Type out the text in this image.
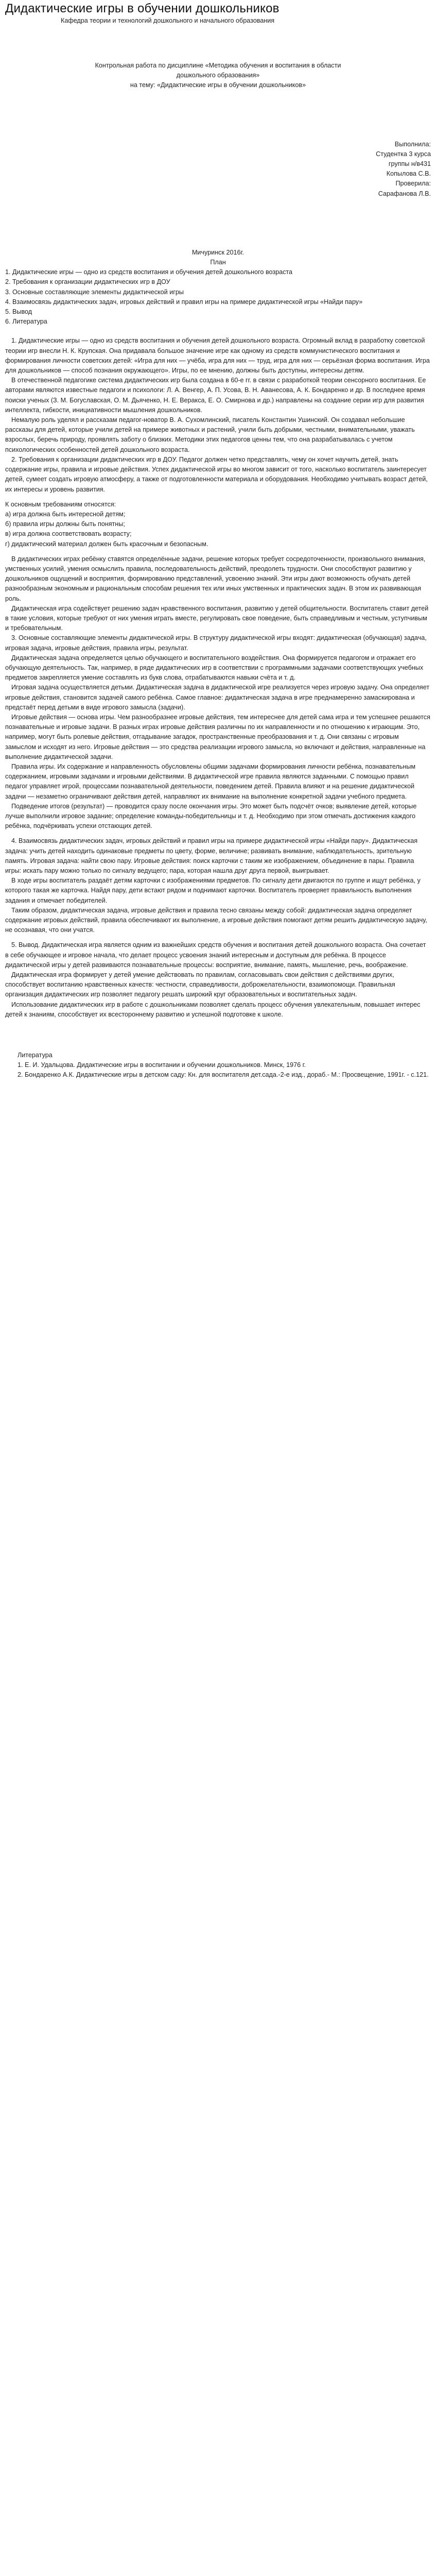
Дидактические игры в обучении дошкольников

Кафедра теории и технологий дошкольного и начального образования

Контрольная работа по дисциплине «Методика обучения и воспитания в области

дошкольного образования»

на тему: «Дидактические игры в обучении дошкольников»

Выполнила:

Студентка 3 курса

группы н/в431

Копылова С.В.

Проверила:

Сарафанова Л.В.

Мичуринск 2016г.

План

1. Дидактические игры — одно из средств воспитания и обучения детей дошкольного возраста
2. Требования к организации дидактических игр в ДОУ
3. Основные составляющие элементы дидактической игры
4. Взаимосвязь дидактических задач, игровых действий и правил игры на примере дидактической игры «Найди пару»
5. Вывод
6. Литература

1. Дидактические игры — одно из средств воспитания и обучения детей дошкольного возраста. Огромный вклад в разработку советской теории игр внесли Н. К. Крупская. Она придавала большое значение игре как одному из средств коммунистического воспитания и формирования личности советских детей: «Игра для них — учёба, игра для них — труд, игра для них — серьёзная форма воспитания. Игра для дошкольников — способ познания окружающего». Игры, по ее мнению, должны быть доступны, интересны детям.

В отечественной педагогике система дидактических игр была создана в 60-е гг. в связи с разработкой теории сенсорного воспитания. Ее авторами являются известные педагоги и психологи: Л. А. Венгер, А. П. Усова, В. Н. Аванесова, А. К. Бондаренко и др. В последнее время поиски ученых (З. М. Богуславская, О. М. Дьяченко, Н. Е. Веракса, Е. О. Смирнова и др.) направлены на создание серии игр для развития интеллекта, гибкости, инициативности мышления дошкольников.

Немалую роль уделял и рассказам педагог-новатор В. А. Сухомлинский, писатель Константин Ушинский. Он создавал небольшие рассказы для детей, которые учили детей на примере животных и растений, учили быть добрыми, честными, внимательными, уважать взрослых, беречь природу, проявлять заботу о близких. Методики этих педагогов ценны тем, что она разрабатывалась с учетом психологических особенностей детей дошкольного возраста.

2. Требования к организации дидактических игр в ДОУ. Педагог должен четко представлять, чему он хочет научить детей, знать содержание игры, правила и игровые действия. Успех дидактической игры во многом зависит от того, насколько воспитатель заинтересует детей, сумеет создать игровую атмосферу, а также от подготовленности материала и оборудования. Необходимо учитывать возраст детей, их интересы и уровень развития.

К основным требованиям относятся:

а) игра должна быть интересной детям;
б) правила игры должны быть понятны;
в) игра должна соответствовать возрасту;
г) дидактический материал должен быть красочным и безопасным.

В дидактических играх ребёнку ставятся определённые задачи, решение которых требует сосредоточенности, произвольного внимания, умственных усилий, умения осмыслить правила, последовательность действий, преодолеть трудности. Они способствуют развитию у дошкольников ощущений и восприятия, формированию представлений, усвоению знаний. Эти игры дают возможность обучать детей разнообразным экономным и рациональным способам решения тех или иных умственных и практических задач. В этом их развивающая роль.

Дидактическая игра содействует решению задач нравственного воспитания, развитию у детей общительности. Воспитатель ставит детей в такие условия, которые требуют от них умения играть вместе, регулировать свое поведение, быть справедливым и честным, уступчивым и требовательным.

3. Основные составляющие элементы дидактической игры. В структуру дидактической игры входят: дидактическая (обучающая) задача, игровая задача, игровые действия, правила игры, результат.

Дидактическая задача определяется целью обучающего и воспитательного воздействия. Она формируется педагогом и отражает его обучающую деятельность. Так, например, в ряде дидактических игр в соответствии с программными задачами соответствующих учебных предметов закрепляется умение составлять из букв слова, отрабатываются навыки счёта и т. д.

Игровая задача осуществляется детьми. Дидактическая задача в дидактической игре реализуется через игровую задачу. Она определяет игровые действия, становится задачей самого ребёнка. Самое главное: дидактическая задача в игре преднамеренно замаскирована и предстаёт перед детьми в виде игрового замысла (задачи).

Игровые действия — основа игры. Чем разнообразнее игровые действия, тем интереснее для детей сама игра и тем успешнее решаются познавательные и игровые задачи. В разных играх игровые действия различны по их направленности и по отношению к играющим. Это, например, могут быть ролевые действия, отгадывание загадок, пространственные преобразования и т. д. Они связаны с игровым замыслом и исходят из него. Игровые действия — это средства реализации игрового замысла, но включают и действия, направленные на выполнение дидактической задачи.

Правила игры. Их содержание и направленность обусловлены общими задачами формирования личности ребёнка, познавательным содержанием, игровыми задачами и игровыми действиями. В дидактической игре правила являются заданными. С помощью правил педагог управляет игрой, процессами познавательной деятельности, поведением детей. Правила влияют и на решение дидактической задачи — незаметно ограничивают действия детей, направляют их внимание на выполнение конкретной задачи учебного предмета.

Подведение итогов (результат) — проводится сразу после окончания игры. Это может быть подсчёт очков; выявление детей, которые лучше выполнили игровое задание; определение команды-победительницы и т. д. Необходимо при этом отмечать достижения каждого ребёнка, подчёркивать успехи отстающих детей.

4. Взаимосвязь дидактических задач, игровых действий и правил игры на примере дидактической игры «Найди пару». Дидактическая задача: учить детей находить одинаковые предметы по цвету, форме, величине; развивать внимание, наблюдательность, зрительную память. Игровая задача: найти свою пару. Игровые действия: поиск карточки с таким же изображением, объединение в пары. Правила игры: искать пару можно только по сигналу ведущего; пара, которая нашла друг друга первой, выигрывает.

В ходе игры воспитатель раздаёт детям карточки с изображениями предметов. По сигналу дети двигаются по группе и ищут ребёнка, у которого такая же карточка. Найдя пару, дети встают рядом и поднимают карточки. Воспитатель проверяет правильность выполнения задания и отмечает победителей.

Таким образом, дидактическая задача, игровые действия и правила тесно связаны между собой: дидактическая задача определяет содержание игровых действий, правила обеспечивают их выполнение, а игровые действия помогают детям решить дидактическую задачу, не осознавая, что они учатся.

5. Вывод. Дидактическая игра является одним из важнейших средств обучения и воспитания детей дошкольного возраста. Она сочетает в себе обучающее и игровое начала, что делает процесс усвоения знаний интересным и доступным для ребёнка. В процессе дидактической игры у детей развиваются познавательные процессы: восприятие, внимание, память, мышление, речь, воображение.

Дидактическая игра формирует у детей умение действовать по правилам, согласовывать свои действия с действиями других, способствует воспитанию нравственных качеств: честности, справедливости, доброжелательности, взаимопомощи. Правильная организация дидактических игр позволяет педагогу решать широкий круг образовательных и воспитательных задач.

Использование дидактических игр в работе с дошкольниками позволяет сделать процесс обучения увлекательным, повышает интерес детей к знаниям, способствует их всестороннему развитию и успешной подготовке к школе.

Литература

1. Е. И. Удальцова. Дидактические игры в воспитании и обучении дошкольников. Минск, 1976 г.
2. Бондаренко А.К. Дидактические игры в детском саду: Кн. для воспитателя дет.сада.-2-е изд., дораб.- М.: Просвещение, 1991г. - с.121.
